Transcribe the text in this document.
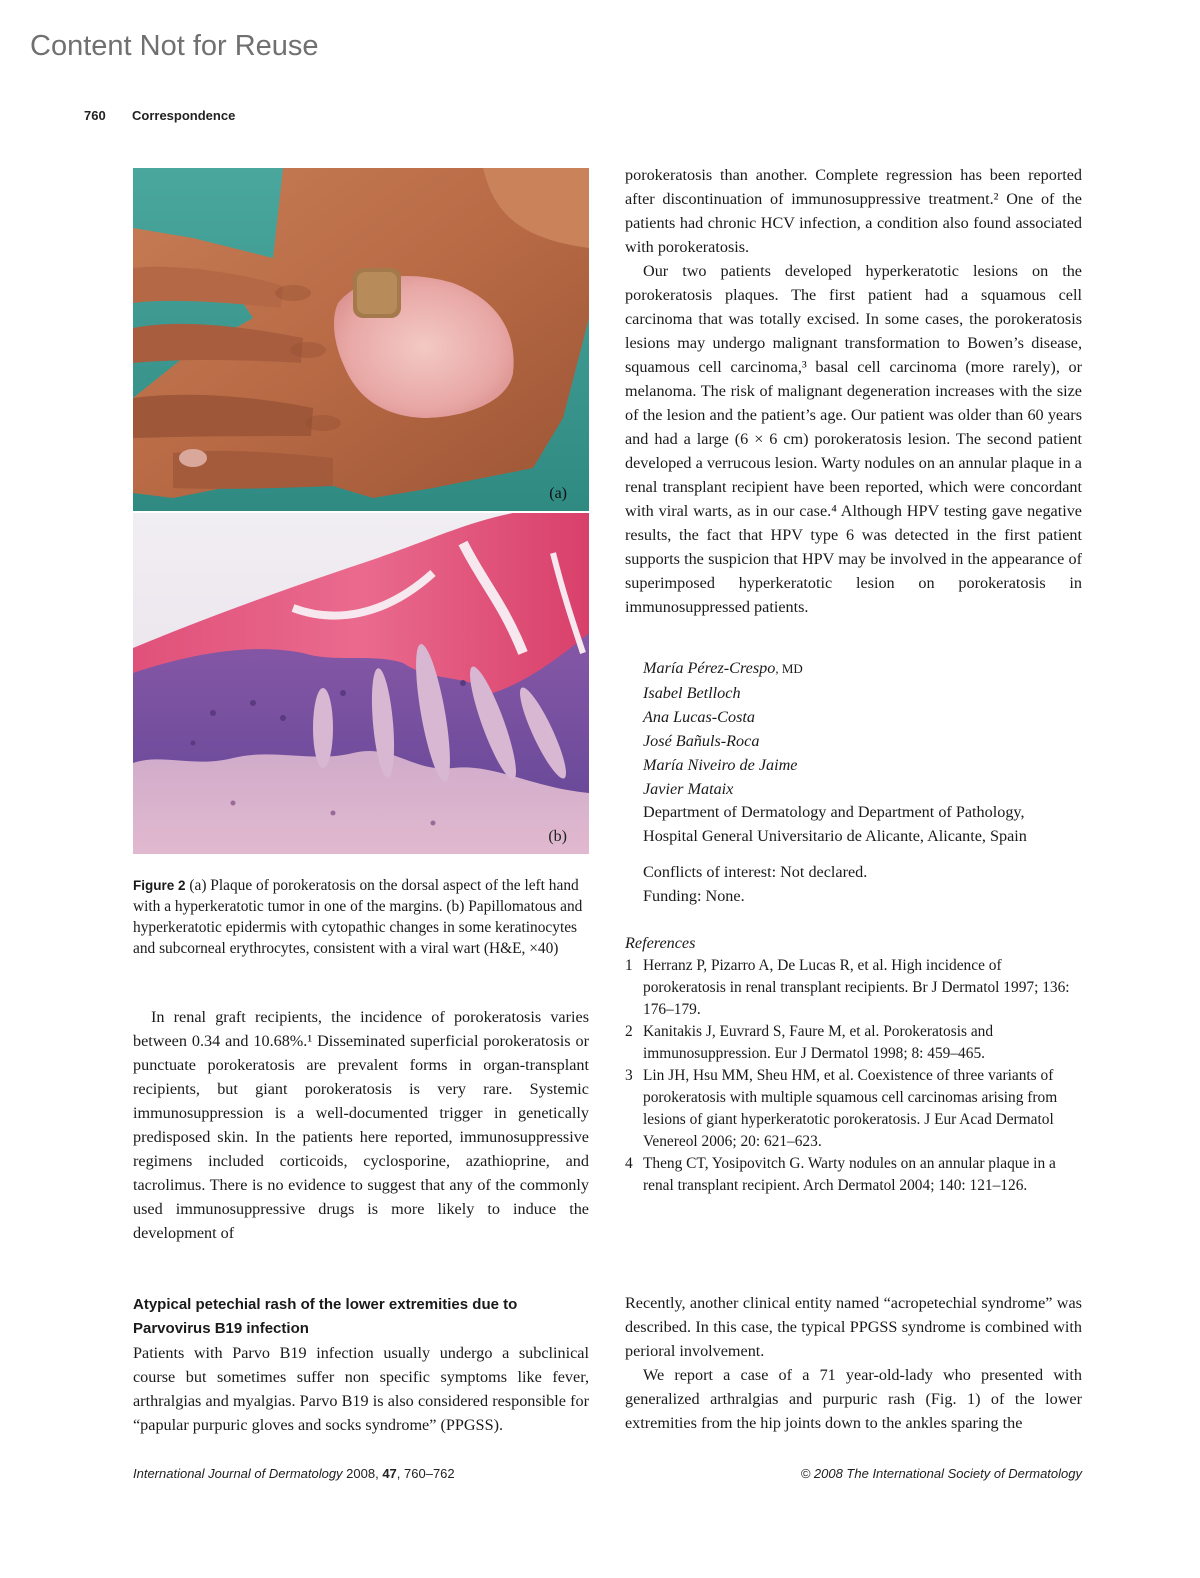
Content Not for Reuse
760 Correspondence
(a)
(b)
Figure 2 (a) Plaque of porokeratosis on the dorsal aspect of the left hand with a hyperkeratotic tumor in one of the margins. (b) Papillomatous and hyperkeratotic epidermis with cytopathic changes in some keratinocytes and subcorneal erythrocytes, consistent with a viral wart (H&E, ×40)

In renal graft recipients, the incidence of porokeratosis varies between 0.34 and 10.68%.¹ Disseminated superficial porokeratosis or punctuate porokeratosis are prevalent forms in organ-transplant recipients, but giant porokeratosis is very rare. Systemic immunosuppression is a well-documented trigger in genetically predisposed skin. In the patients here reported, immunosuppressive regimens included corticoids, cyclosporine, azathioprine, and tacrolimus. There is no evidence to suggest that any of the commonly used immunosuppressive drugs is more likely to induce the development of

porokeratosis than another. Complete regression has been reported after discontinuation of immunosuppressive treatment.² One of the patients had chronic HCV infection, a condition also found associated with porokeratosis.

Our two patients developed hyperkeratotic lesions on the porokeratosis plaques. The first patient had a squamous cell carcinoma that was totally excised. In some cases, the porokeratosis lesions may undergo malignant transformation to Bowen’s disease, squamous cell carcinoma,³ basal cell carcinoma (more rarely), or melanoma. The risk of malignant degeneration increases with the size of the lesion and the patient’s age. Our patient was older than 60 years and had a large (6 × 6 cm) porokeratosis lesion. The second patient developed a verrucous lesion. Warty nodules on an annular plaque in a renal transplant recipient have been reported, which were concordant with viral warts, as in our case.⁴ Although HPV testing gave negative results, the fact that HPV type 6 was detected in the first patient supports the suspicion that HPV may be involved in the appearance of superimposed hyperkeratotic lesion on porokeratosis in immunosuppressed patients.

María Pérez-Crespo, MD
Isabel Betlloch
Ana Lucas-Costa
José Bañuls-Roca
María Niveiro de Jaime
Javier Mataix
Department of Dermatology and Department of Pathology,
Hospital General Universitario de Alicante, Alicante, Spain
Conflicts of interest: Not declared.
Funding: None.
References
1 Herranz P, Pizarro A, De Lucas R, et al. High incidence of porokeratosis in renal transplant recipients. Br J Dermatol 1997; 136: 176–179.
2 Kanitakis J, Euvrard S, Faure M, et al. Porokeratosis and immunosuppression. Eur J Dermatol 1998; 8: 459–465.
3 Lin JH, Hsu MM, Sheu HM, et al. Coexistence of three variants of porokeratosis with multiple squamous cell carcinomas arising from lesions of giant hyperkeratotic porokeratosis. J Eur Acad Dermatol Venereol 2006; 20: 621–623.
4 Theng CT, Yosipovitch G. Warty nodules on an annular plaque in a renal transplant recipient. Arch Dermatol 2004; 140: 121–126.
Atypical petechial rash of the lower extremities due to Parvovirus B19 infection

Patients with Parvo B19 infection usually undergo a subclinical course but sometimes suffer non specific symptoms like fever, arthralgias and myalgias. Parvo B19 is also considered responsible for “papular purpuric gloves and socks syndrome” (PPGSS).

Recently, another clinical entity named “acropetechial syndrome” was described. In this case, the typical PPGSS syndrome is combined with perioral involvement.

We report a case of a 71 year-old-lady who presented with generalized arthralgias and purpuric rash (Fig. 1) of the lower extremities from the hip joints down to the ankles sparing the

International Journal of Dermatology 2008, 47, 760–762	© 2008 The International Society of Dermatology
